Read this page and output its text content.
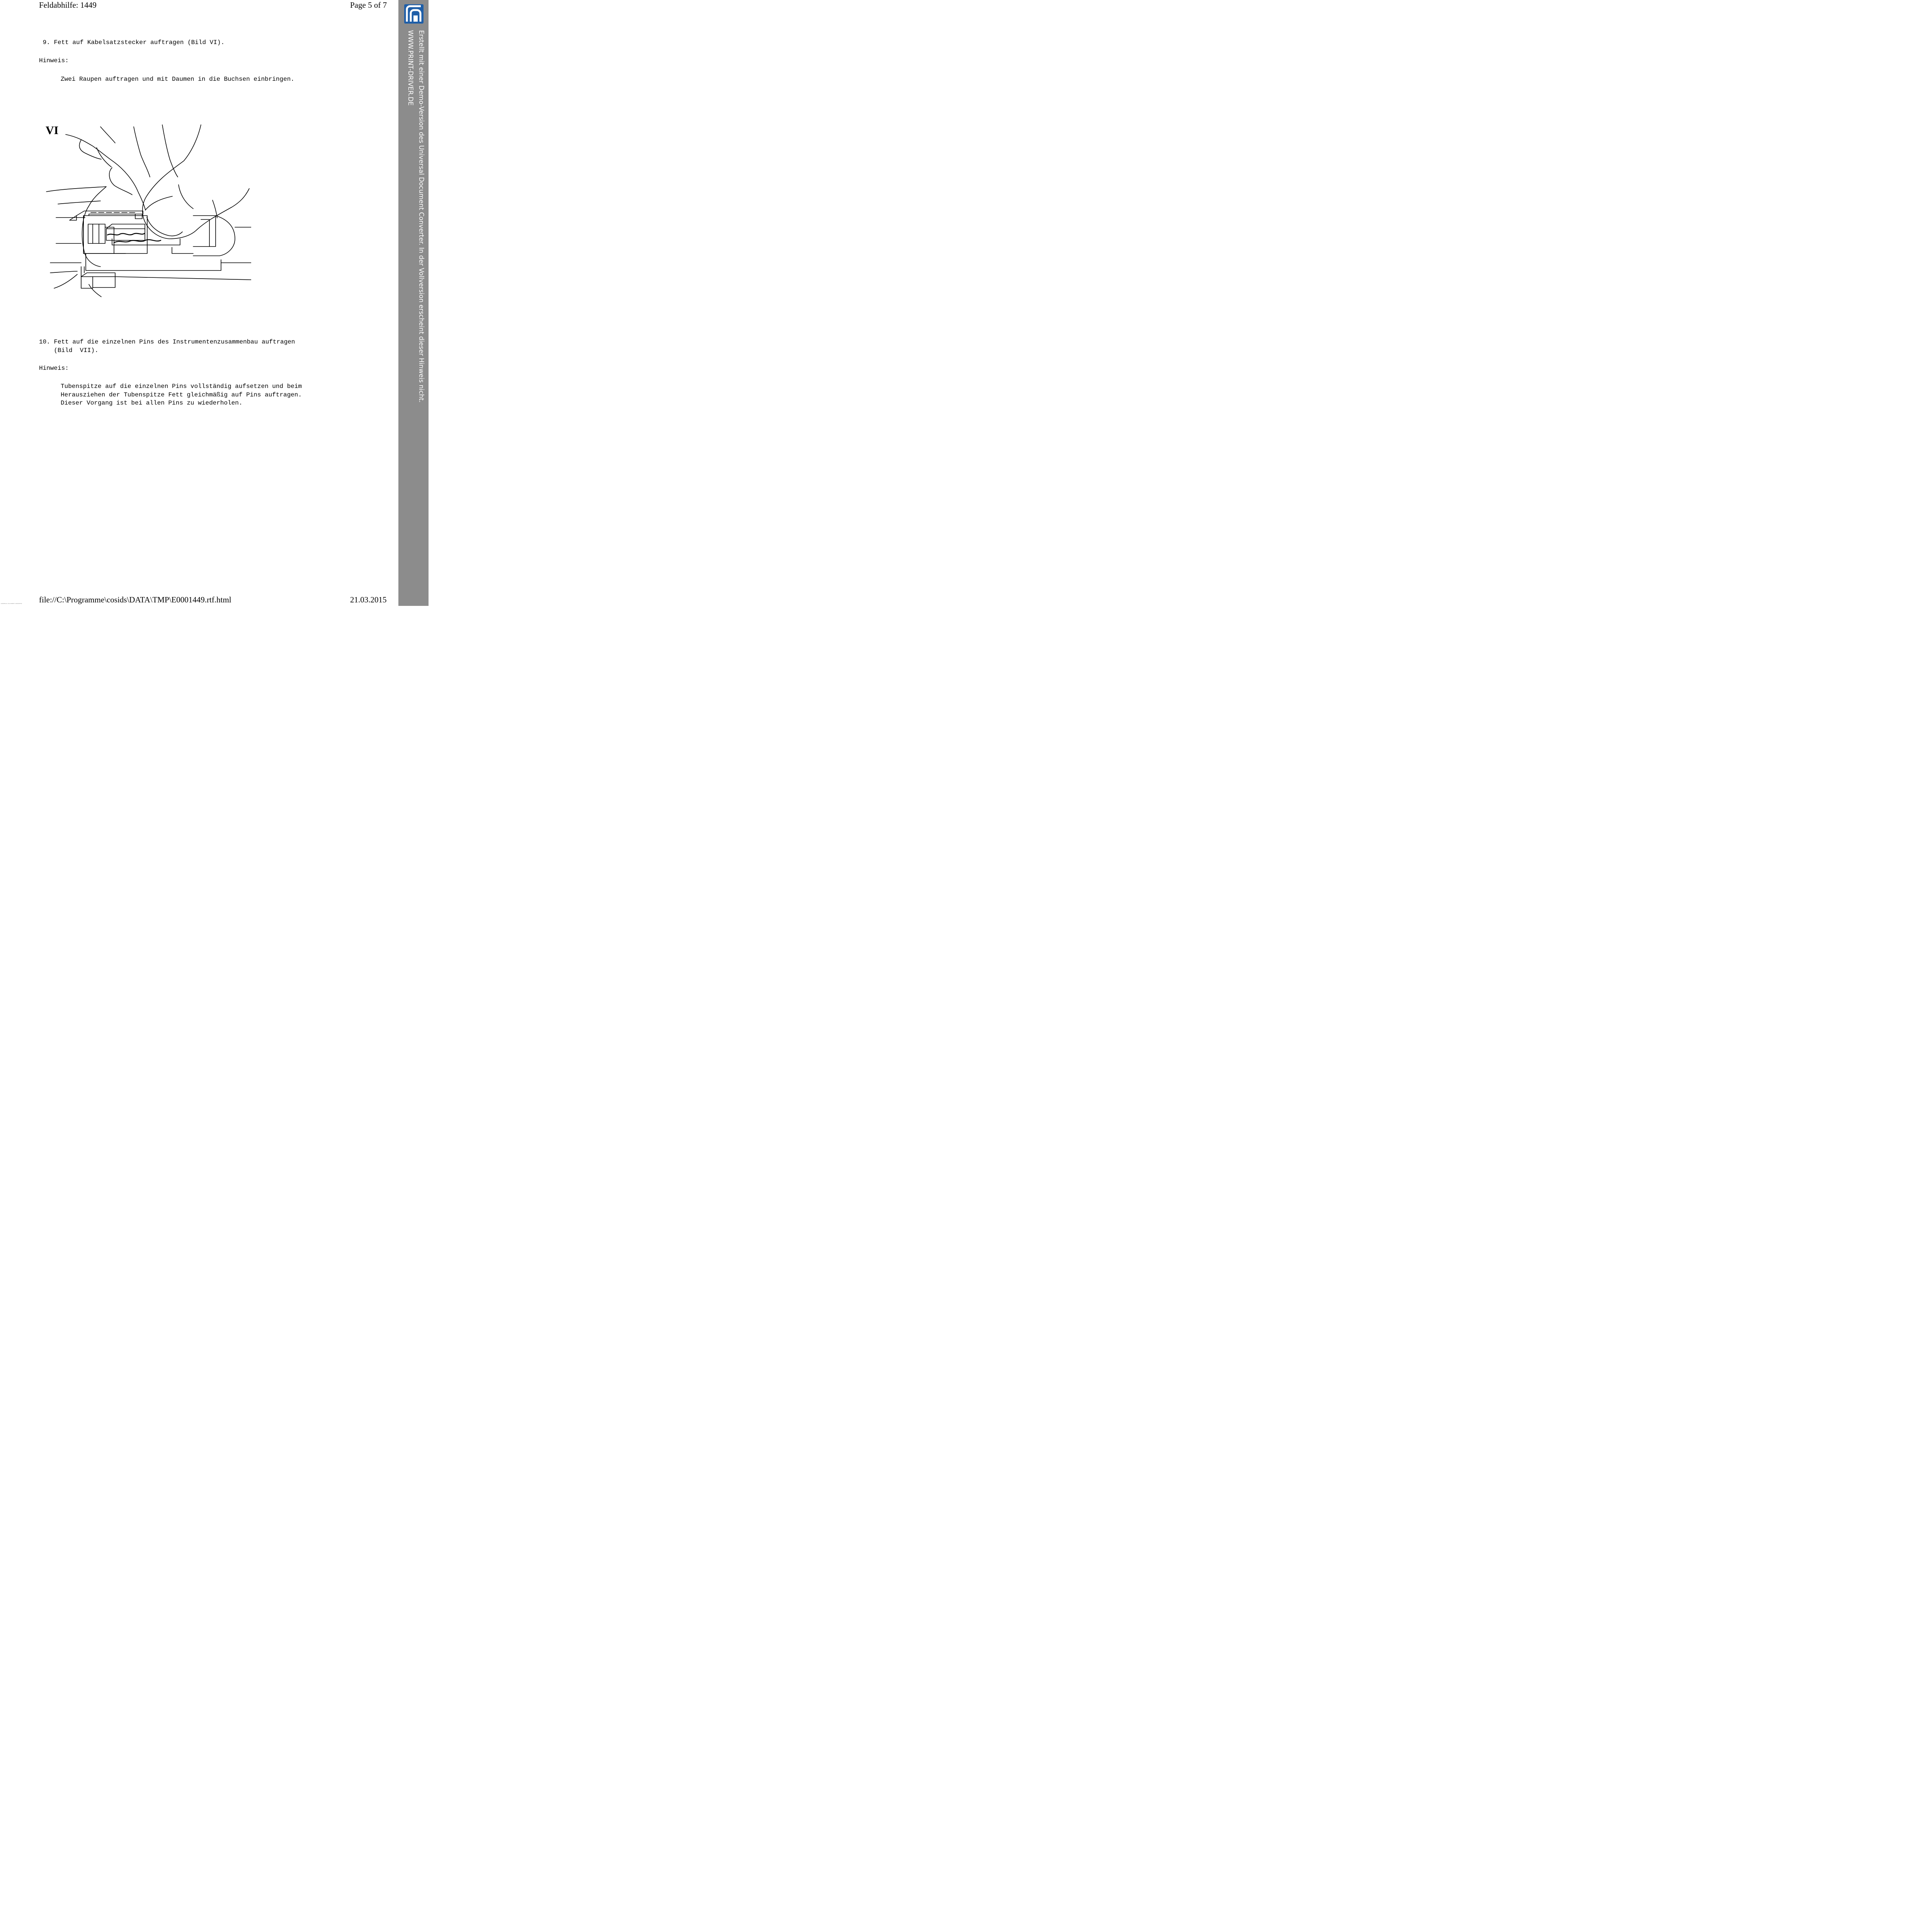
Feldabhilfe: 1449	Page 5 of 7
9. Fett auf Kabelsatzstecker auftragen (Bild VI).
Hinweis:
Zwei Raupen auftragen und mit Daumen in die Buchsen einbringen.
VI
10. Fett auf die einzelnen Pins des Instrumentenzusammenbau auftragen
(Bild  VII).
Hinweis:
Tubenspitze auf die einzelnen Pins vollständig aufsetzen und beim
Herausziehen der Tubenspitze Fett gleichmäßig auf Pins auftragen.
Dieser Vorgang ist bei allen Pins zu wiederholen.
file://C:\Programme\cosids\DATA\TMP\E0001449.rtf.html	21.03.2015
Erstellt mit einer Demo-Version des Universal Document Converter. In der Vollversion erscheint dieser Hinweis nicht.
WWW.PRINT-DRIVER.DE
UNIVERSAL DOCUMENT CONVERTER
